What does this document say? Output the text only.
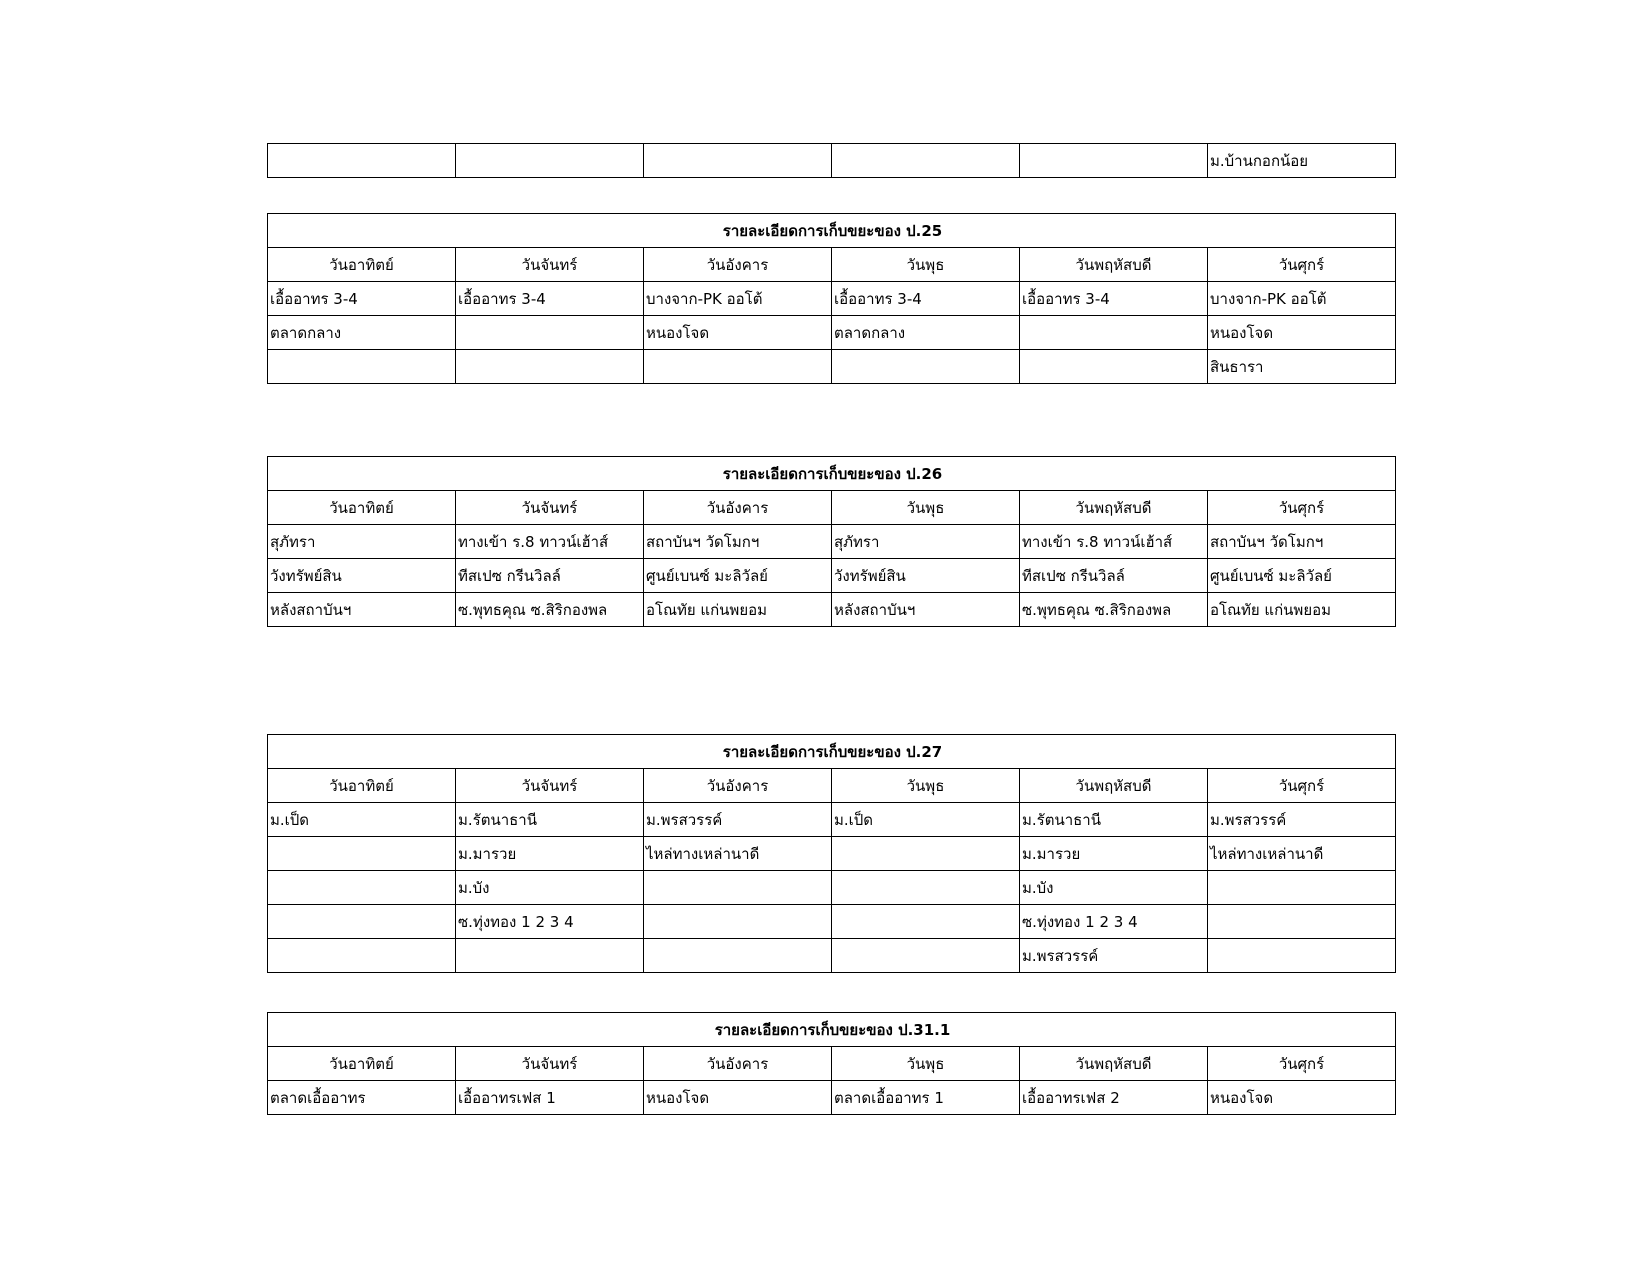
					ม.บ้านกอกน้อย
รายละเอียดการเก็บขยะของ ป.25					
วันอาทิตย์	วันจันทร์	วันอังคาร	วันพุธ	วันพฤหัสบดี	วันศุกร์
เอื้ออาทร 3-4	เอื้ออาทร 3-4	บางจาก-PK ออโต้	เอื้ออาทร 3-4	เอื้ออาทร 3-4	บางจาก-PK ออโต้
ตลาดกลาง		หนองโจด	ตลาดกลาง		หนองโจด
					สินธารา
รายละเอียดการเก็บขยะของ ป.26					
วันอาทิตย์	วันจันทร์	วันอังคาร	วันพุธ	วันพฤหัสบดี	วันศุกร์
สุภัทรา	ทางเข้า ร.8 ทาวน์เฮ้าส์	สถาบันฯ วัดโมกฯ	สุภัทรา	ทางเข้า ร.8 ทาวน์เฮ้าส์	สถาบันฯ วัดโมกฯ
วังทรัพย์สิน	ทีสเปซ กรีนวิลล์	ศูนย์เบนซ์ มะลิวัลย์	วังทรัพย์สิน	ทีสเปซ กรีนวิลล์	ศูนย์เบนซ์ มะลิวัลย์
หลังสถาบันฯ	ซ.พุทธคุณ ซ.สิริกองพล	อโณทัย แก่นพยอม	หลังสถาบันฯ	ซ.พุทธคุณ ซ.สิริกองพล	อโณทัย แก่นพยอม
รายละเอียดการเก็บขยะของ ป.27					
วันอาทิตย์	วันจันทร์	วันอังคาร	วันพุธ	วันพฤหัสบดี	วันศุกร์
ม.เป็ด	ม.รัตนาธานี	ม.พรสวรรค์	ม.เป็ด	ม.รัตนาธานี	ม.พรสวรรค์
	ม.มารวย	ไหล่ทางเหล่านาดี		ม.มารวย	ไหล่ทางเหล่านาดี
	ม.บัง			ม.บัง	
	ซ.ทุ่งทอง 1 2 3 4			ซ.ทุ่งทอง 1 2 3 4	
				ม.พรสวรรค์	
รายละเอียดการเก็บขยะของ ป.31.1					
วันอาทิตย์	วันจันทร์	วันอังคาร	วันพุธ	วันพฤหัสบดี	วันศุกร์
ตลาดเอื้ออาทร	เอื้ออาทรเฟส 1	หนองโจด	ตลาดเอื้ออาทร 1	เอื้ออาทรเฟส 2	หนองโจด
